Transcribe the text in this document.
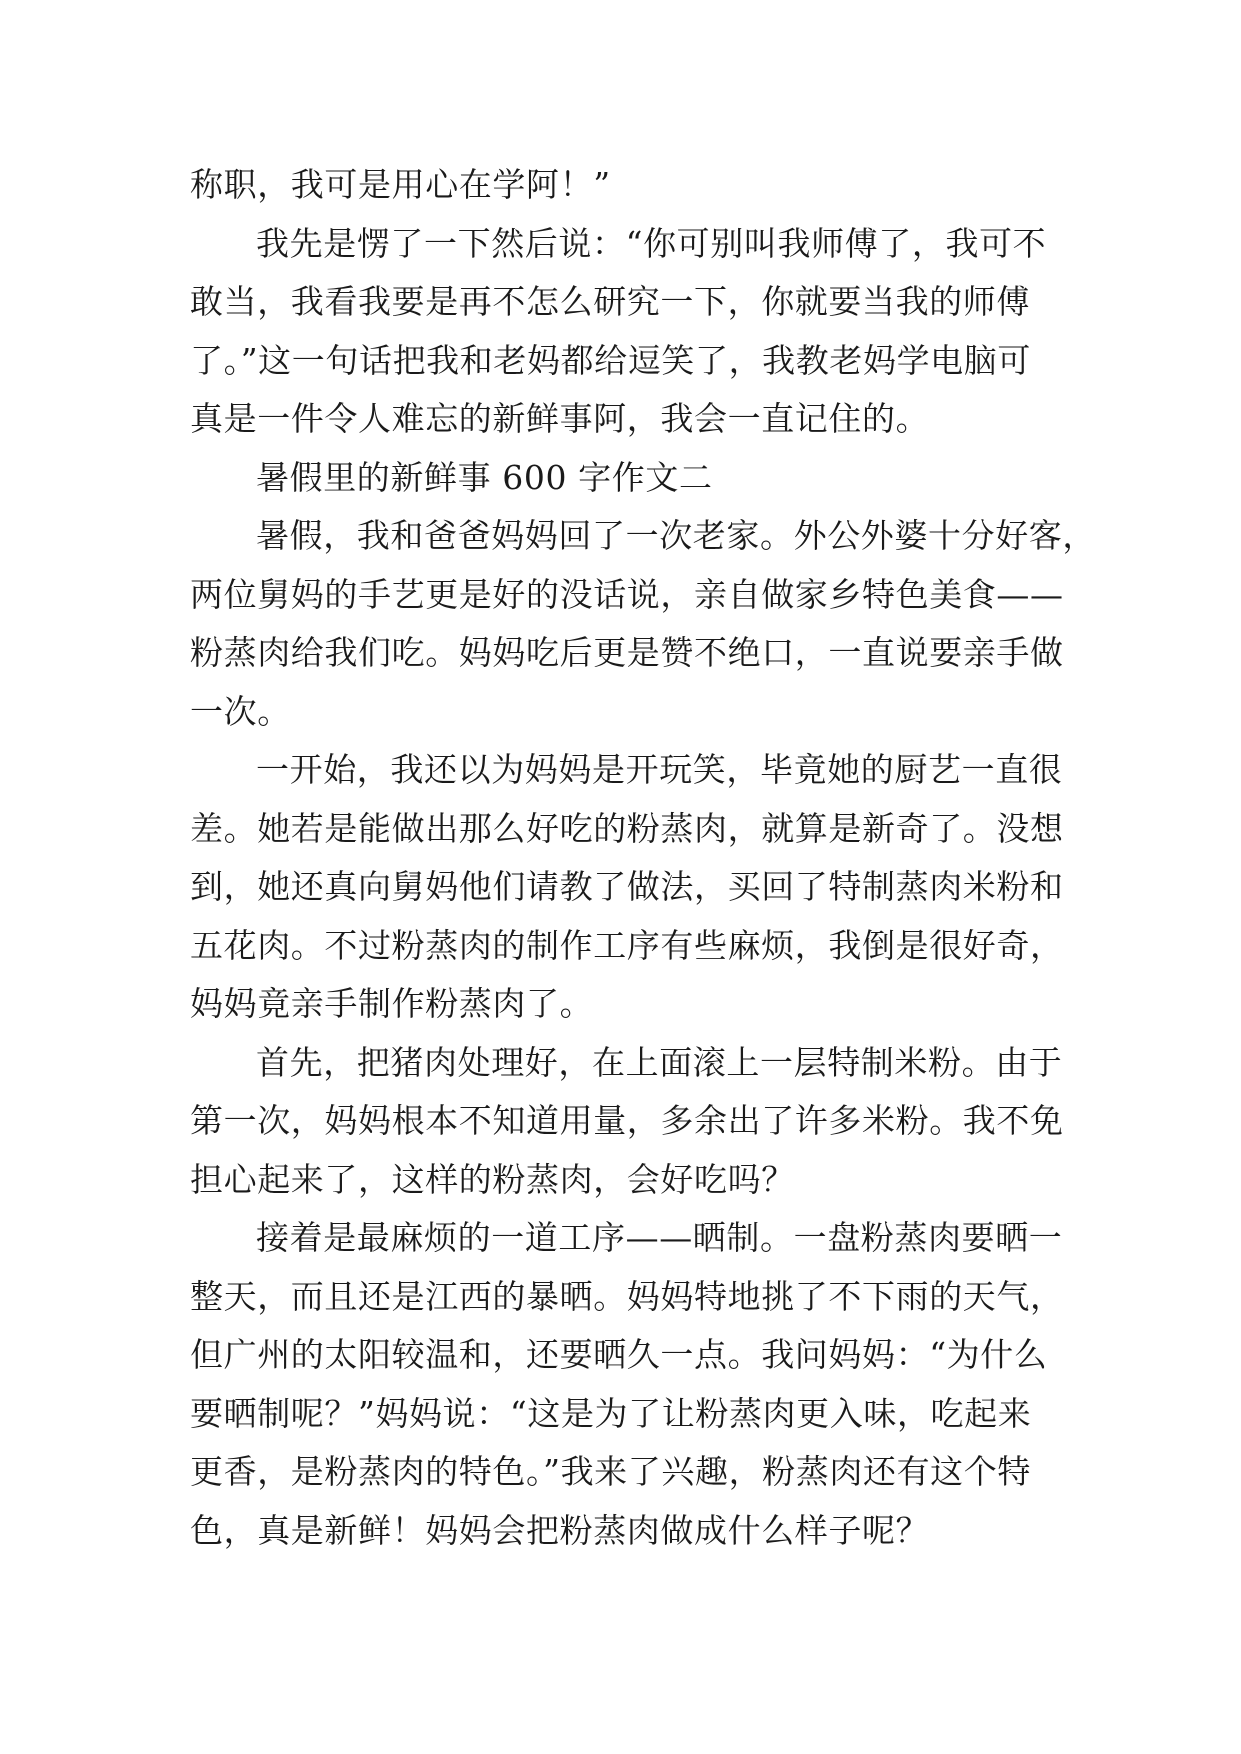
称职，我可是用心在学阿！”
我先是愣了一下然后说：“你可别叫我师傅了，我可不
敢当，我看我要是再不怎么研究一下，你就要当我的师傅
了。”这一句话把我和老妈都给逗笑了，我教老妈学电脑可
真是一件令人难忘的新鲜事阿，我会一直记住的。
暑假里的新鲜事 600 字作文二
暑假，我和爸爸妈妈回了一次老家。外公外婆十分好客，
两位舅妈的手艺更是好的没话说，亲自做家乡特色美食——
粉蒸肉给我们吃。妈妈吃后更是赞不绝口，一直说要亲手做
一次。
一开始，我还以为妈妈是开玩笑，毕竟她的厨艺一直很
差。她若是能做出那么好吃的粉蒸肉，就算是新奇了。没想
到，她还真向舅妈他们请教了做法，买回了特制蒸肉米粉和
五花肉。不过粉蒸肉的制作工序有些麻烦，我倒是很好奇，
妈妈竟亲手制作粉蒸肉了。
首先，把猪肉处理好，在上面滚上一层特制米粉。由于
第一次，妈妈根本不知道用量，多余出了许多米粉。我不免
担心起来了，这样的粉蒸肉，会好吃吗？
接着是最麻烦的一道工序——晒制。一盘粉蒸肉要晒一
整天，而且还是江西的暴晒。妈妈特地挑了不下雨的天气，
但广州的太阳较温和，还要晒久一点。我问妈妈：“为什么
要晒制呢？”妈妈说：“这是为了让粉蒸肉更入味，吃起来
更香，是粉蒸肉的特色。”我来了兴趣，粉蒸肉还有这个特
色，真是新鲜！妈妈会把粉蒸肉做成什么样子呢？
